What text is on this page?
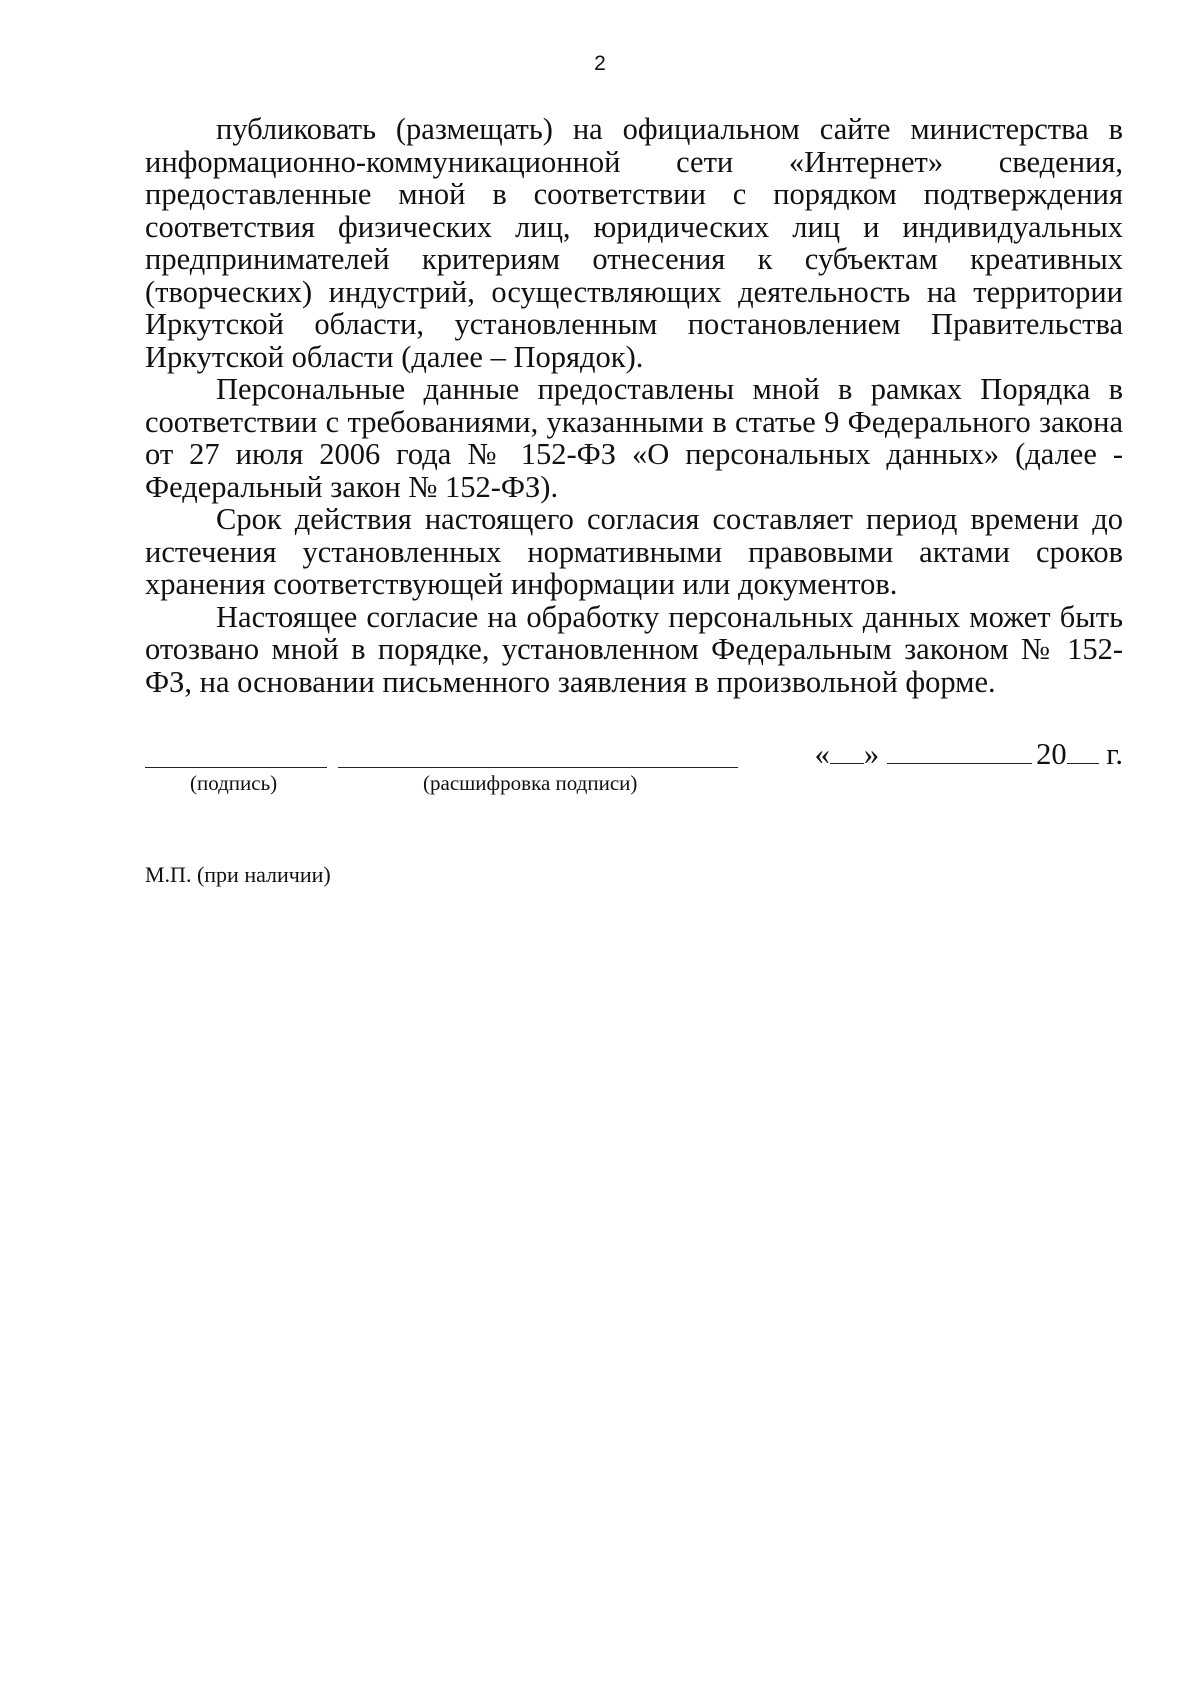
2

публиковать (размещать) на официальном сайте министерства в информационно-коммуникационной сети «Интернет» сведения, предоставленные мной в соответствии с порядком подтверждения соответствия физических лиц, юридических лиц и индивидуальных предпринимателей критериям отнесения к субъектам креативных (творческих) индустрий, осуществляющих деятельность на территории Иркутской области, установленным постановлением Правительства Иркутской области (далее – Порядок).

Персональные данные предоставлены мной в рамках Порядка в соответствии с требованиями, указанными в статье 9 Федерального закона от 27 июля 2006 года № 152-ФЗ «О персональных данных» (далее - Федеральный закон № 152-ФЗ).

Срок действия настоящего согласия составляет период времени до истечения установленных нормативными правовыми актами сроков хранения соответствующей информации или документов.

Настоящее согласие на обработку персональных данных может быть отозвано мной в порядке, установленном Федеральным законом № 152-ФЗ, на основании письменного заявления в произвольной форме.

(подпись)	(расшифровка подписи)
« »	20 г.
М.П. (при наличии)
